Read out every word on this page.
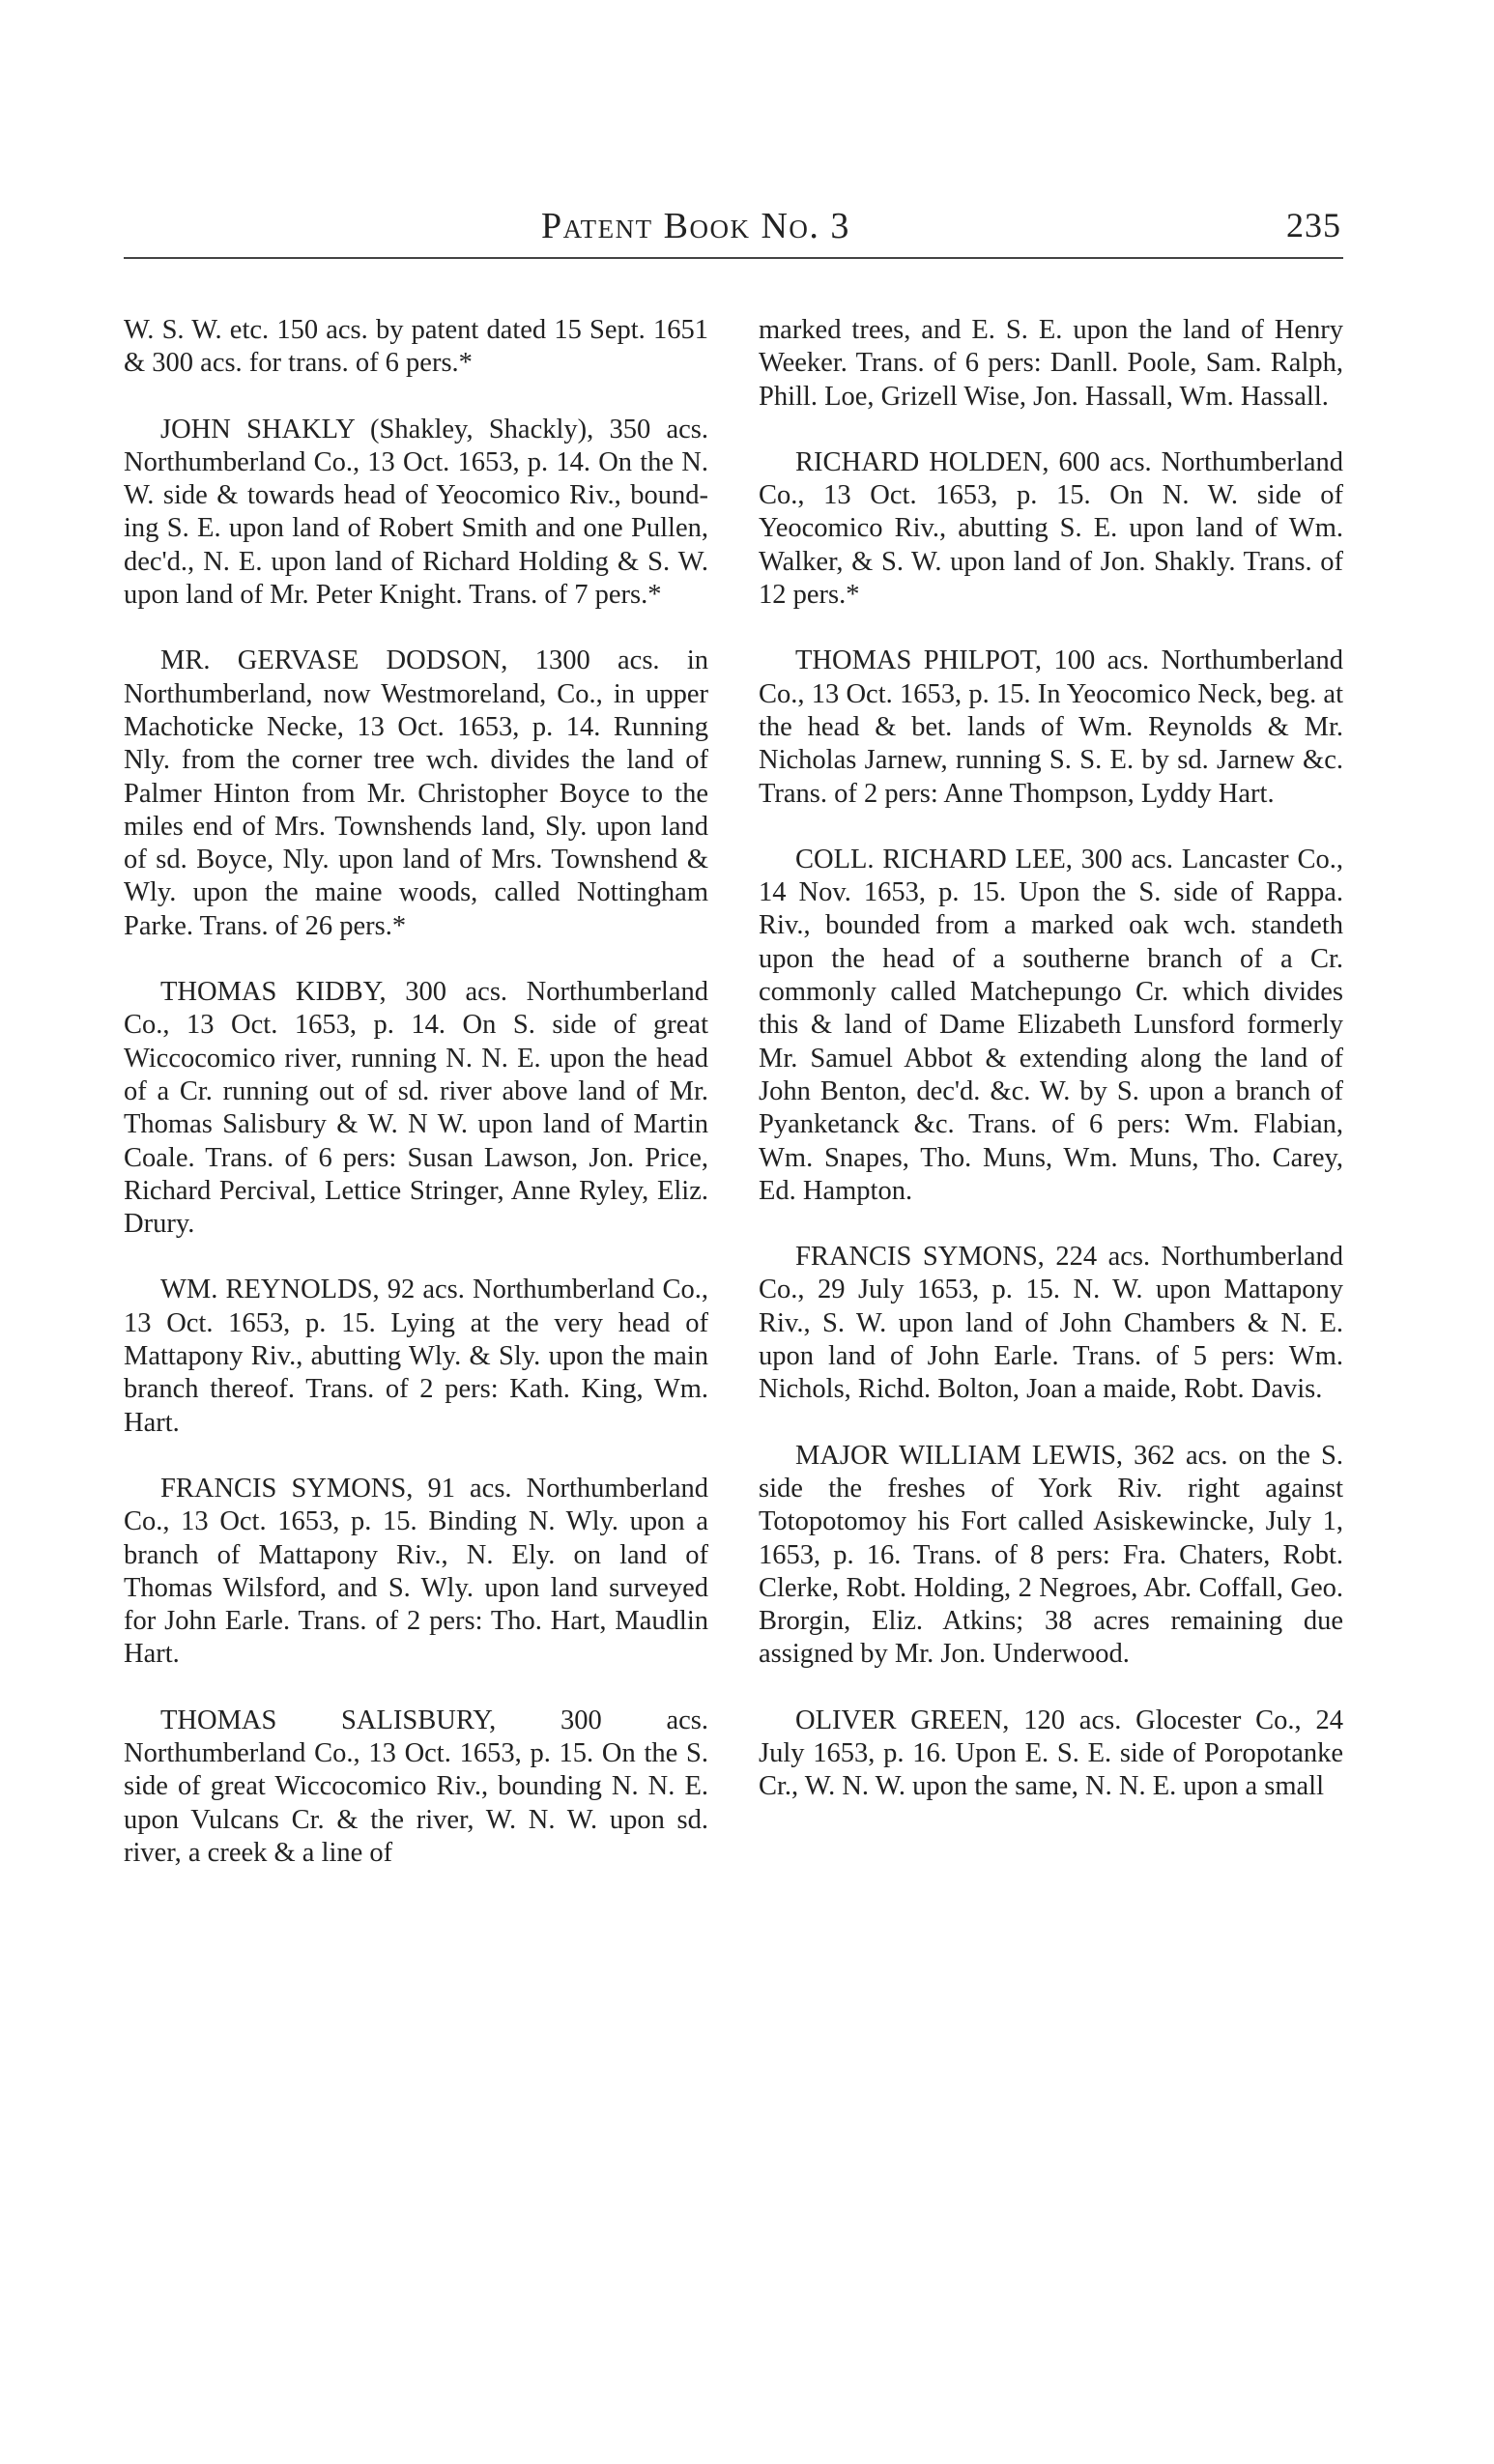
Patent Book No. 3	235

W. S. W. etc. 150 acs. by patent dated 15 Sept. 1651 & 300 acs. for trans. of 6 pers.*

JOHN SHAKLY (Shakley, Shackly), 350 acs. Northumberland Co., 13 Oct. 1653, p. 14. On the N. W. side & towards head of Yeocomico Riv., bounding S. E. upon land of Robert Smith and one Pullen, dec'd., N. E. upon land of Richard Holding & S. W. upon land of Mr. Peter Knight. Trans. of 7 pers.*

MR. GERVASE DODSON, 1300 acs. in Northumberland, now Westmoreland, Co., in upper Machoticke Necke, 13 Oct. 1653, p. 14. Running Nly. from the corner tree wch. divides the land of Palmer Hinton from Mr. Christopher Boyce to the miles end of Mrs. Townshends land, Sly. upon land of sd. Boyce, Nly. upon land of Mrs. Townshend & Wly. upon the maine woods, called Nottingham Parke. Trans. of 26 pers.*

THOMAS KIDBY, 300 acs. Northumberland Co., 13 Oct. 1653, p. 14. On S. side of great Wiccocomico river, running N. N. E. upon the head of a Cr. running out of sd. river above land of Mr. Thomas Salisbury & W. N W. upon land of Martin Coale. Trans. of 6 pers: Susan Lawson, Jon. Price, Richard Percival, Lettice Stringer, Anne Ryley, Eliz. Drury.

WM. REYNOLDS, 92 acs. Northumberland Co., 13 Oct. 1653, p. 15. Lying at the very head of Mattapony Riv., abutting Wly. & Sly. upon the main branch thereof. Trans. of 2 pers: Kath. King, Wm. Hart.

FRANCIS SYMONS, 91 acs. Northumberland Co., 13 Oct. 1653, p. 15. Binding N. Wly. upon a branch of Mattapony Riv., N. Ely. on land of Thomas Wilsford, and S. Wly. upon land surveyed for John Earle. Trans. of 2 pers: Tho. Hart, Maudlin Hart.

THOMAS SALISBURY, 300 acs. Northumberland Co., 13 Oct. 1653, p. 15. On the S. side of great Wiccocomico Riv., bounding N. N. E. upon Vulcans Cr. & the river, W. N. W. upon sd. river, a creek & a line of

marked trees, and E. S. E. upon the land of Henry Weeker. Trans. of 6 pers: Danll. Poole, Sam. Ralph, Phill. Loe, Grizell Wise, Jon. Hassall, Wm. Hassall.

RICHARD HOLDEN, 600 acs. Northumberland Co., 13 Oct. 1653, p. 15. On N. W. side of Yeocomico Riv., abutting S. E. upon land of Wm. Walker, & S. W. upon land of Jon. Shakly. Trans. of 12 pers.*

THOMAS PHILPOT, 100 acs. Northumberland Co., 13 Oct. 1653, p. 15. In Yeocomico Neck, beg. at the head & bet. lands of Wm. Reynolds & Mr. Nicholas Jarnew, running S. S. E. by sd. Jarnew &c. Trans. of 2 pers: Anne Thompson, Lyddy Hart.

COLL. RICHARD LEE, 300 acs. Lancaster Co., 14 Nov. 1653, p. 15. Upon the S. side of Rappa. Riv., bounded from a marked oak wch. standeth upon the head of a southerne branch of a Cr. commonly called Matchepungo Cr. which divides this & land of Dame Elizabeth Lunsford formerly Mr. Samuel Abbot & extending along the land of John Benton, dec'd. &c. W. by S. upon a branch of Pyanketanck &c. Trans. of 6 pers: Wm. Flabian, Wm. Snapes, Tho. Muns, Wm. Muns, Tho. Carey, Ed. Hampton.

FRANCIS SYMONS, 224 acs. Northumberland Co., 29 July 1653, p. 15. N. W. upon Mattapony Riv., S. W. upon land of John Chambers & N. E. upon land of John Earle. Trans. of 5 pers: Wm. Nichols, Richd. Bolton, Joan a maide, Robt. Davis.

MAJOR WILLIAM LEWIS, 362 acs. on the S. side the freshes of York Riv. right against Totopotomoy his Fort called Asiskewincke, July 1, 1653, p. 16. Trans. of 8 pers: Fra. Chaters, Robt. Clerke, Robt. Holding, 2 Negroes, Abr. Coffall, Geo. Brorgin, Eliz. Atkins; 38 acres remaining due assigned by Mr. Jon. Underwood.

OLIVER GREEN, 120 acs. Glocester Co., 24 July 1653, p. 16. Upon E. S. E. side of Poropotanke Cr., W. N. W. upon the same, N. N. E. upon a small
